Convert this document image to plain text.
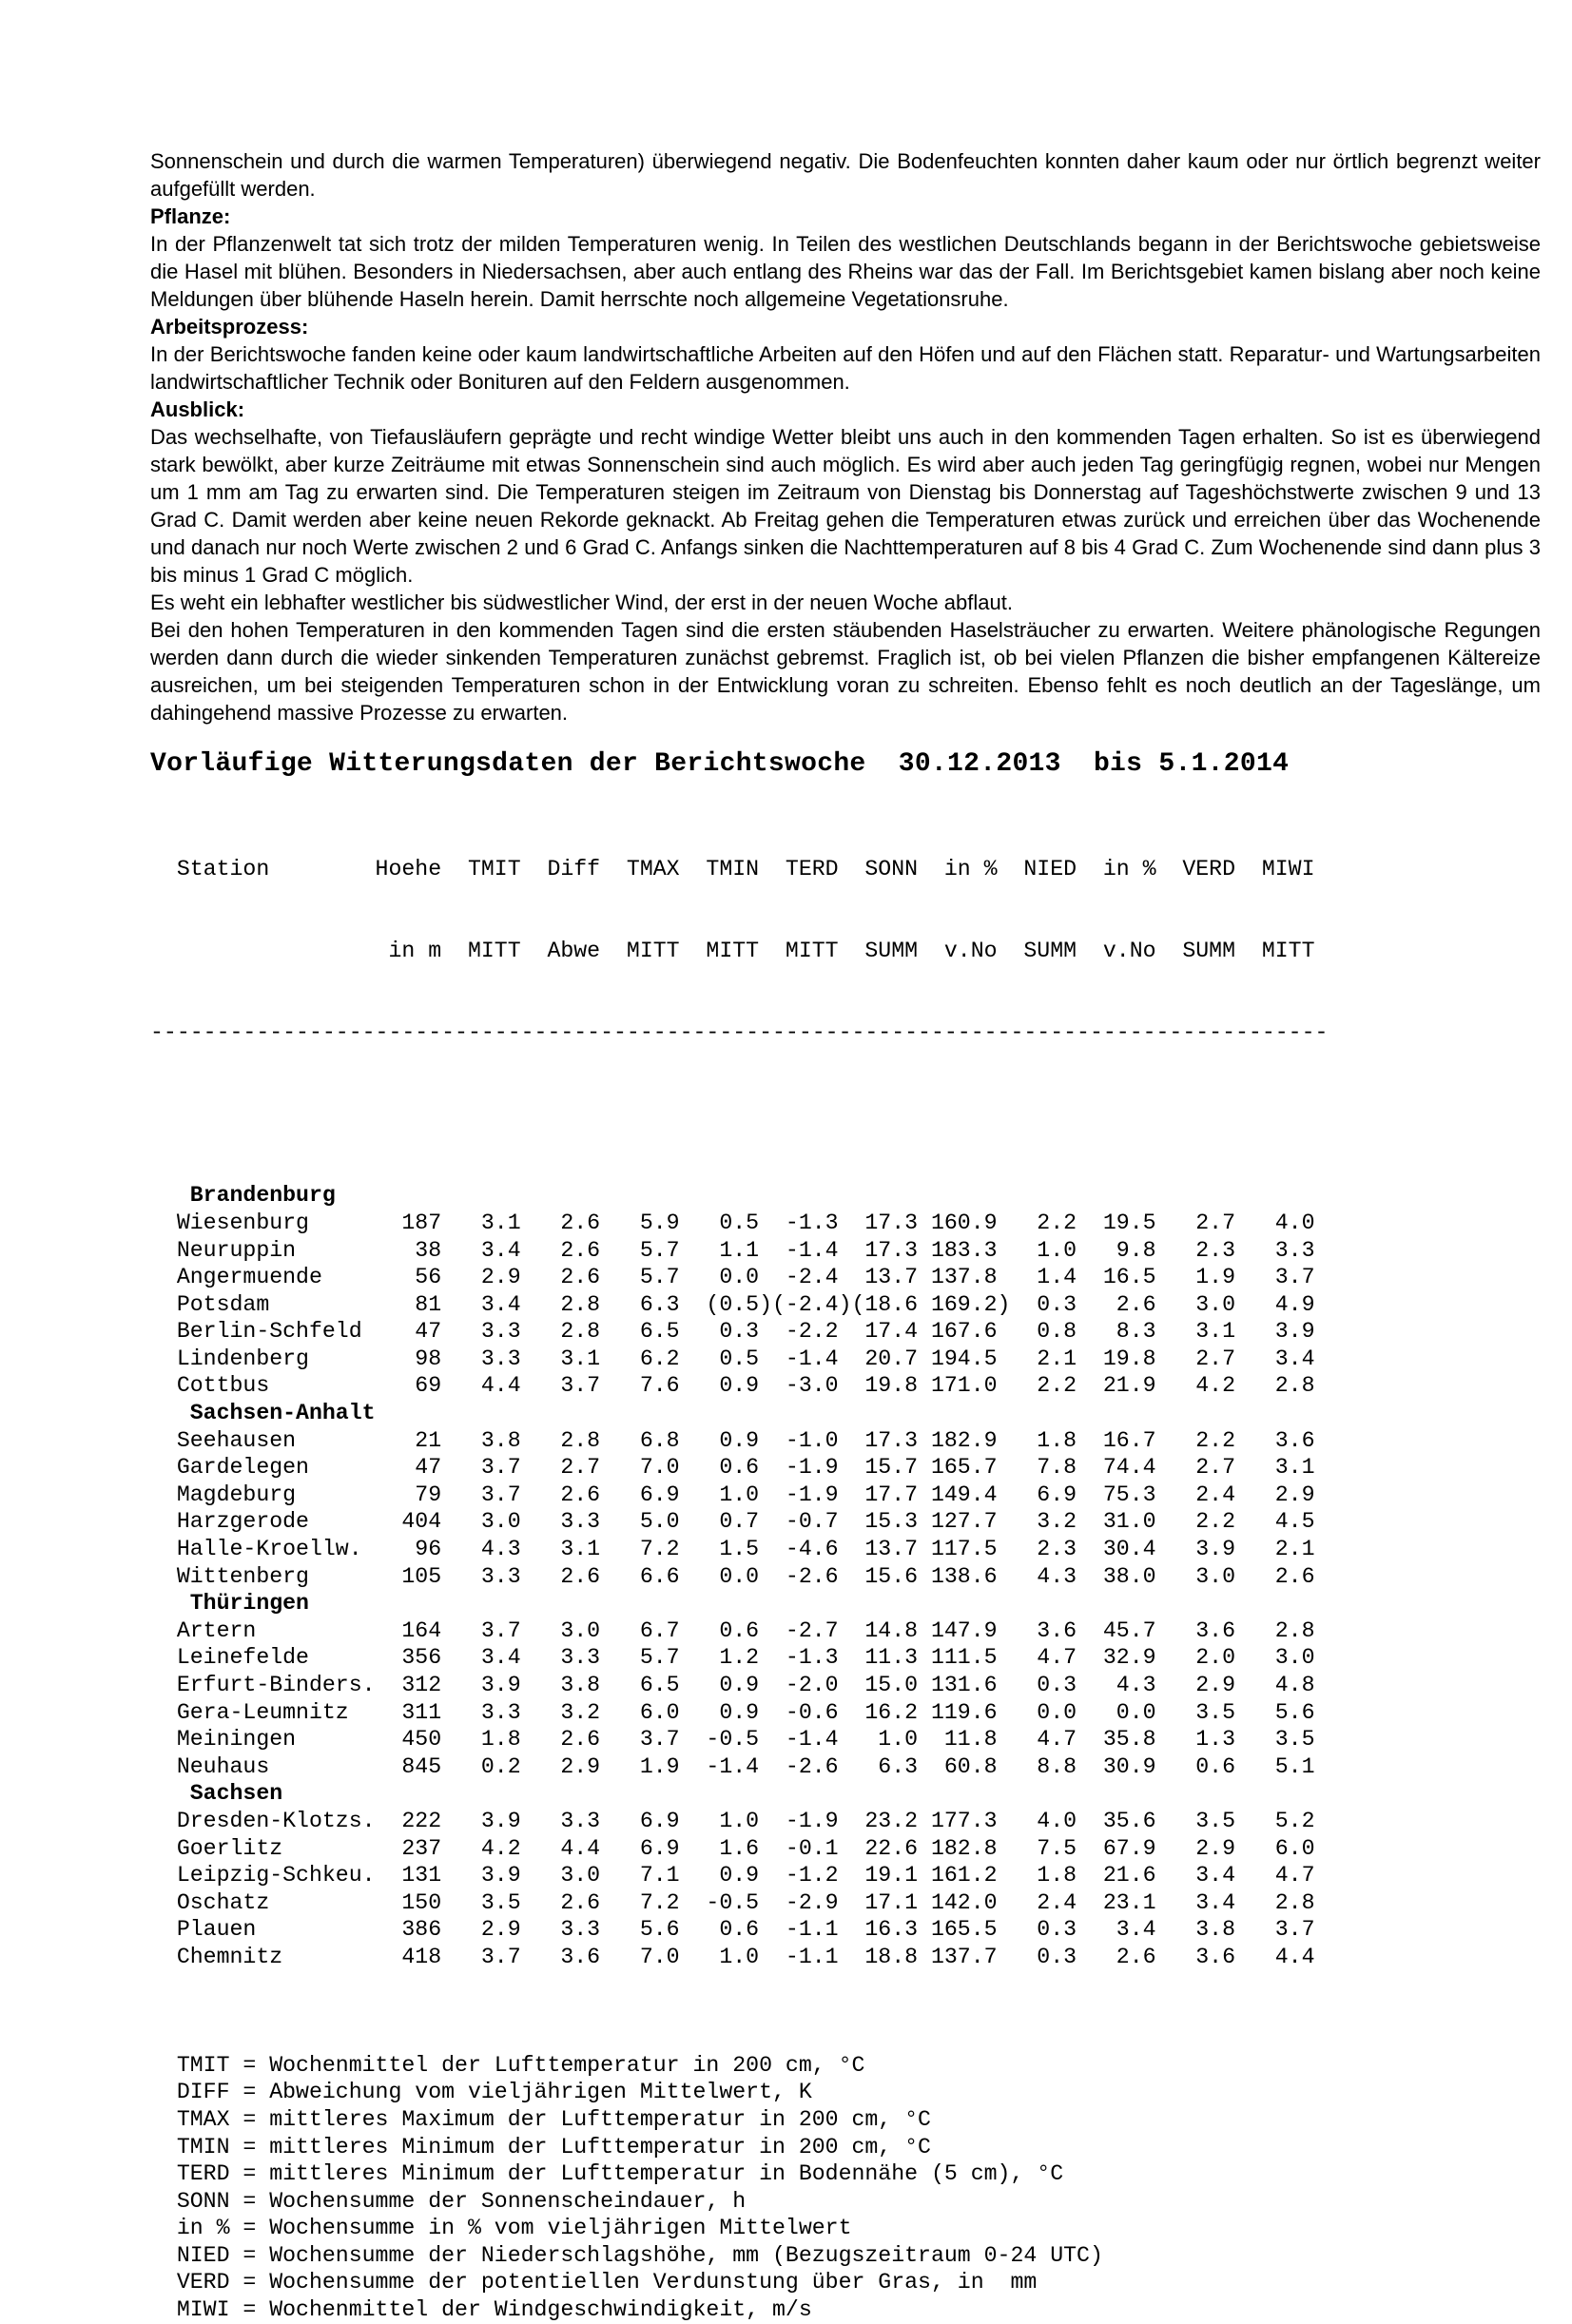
Sonnenschein und durch die warmen Temperaturen) überwiegend negativ. Die Bodenfeuchten konnten daher kaum oder nur örtlich begrenzt weiter aufgefüllt werden.

Pflanze:

In der Pflanzenwelt tat sich trotz der milden Temperaturen wenig. In Teilen des westlichen Deutschlands begann in der Berichtswoche gebietsweise die Hasel mit blühen. Besonders in Niedersachsen, aber auch entlang des Rheins war das der Fall. Im Berichtsgebiet kamen bislang aber noch keine Meldungen über blühende Haseln herein. Damit herrschte noch allgemeine Vegetationsruhe.

Arbeitsprozess:

In der Berichtswoche fanden keine oder kaum landwirtschaftliche Arbeiten auf den Höfen und auf den Flächen statt. Reparatur- und Wartungsarbeiten landwirtschaftlicher Technik oder Bonituren auf den Feldern ausgenommen.

Ausblick:

Das wechselhafte, von Tiefausläufern geprägte und recht windige Wetter bleibt uns auch in den kommenden Tagen erhalten. So ist es überwiegend stark bewölkt, aber kurze Zeiträume mit etwas Sonnenschein sind auch möglich. Es wird aber auch jeden Tag geringfügig regnen, wobei nur Mengen um 1 mm am Tag zu erwarten sind. Die Temperaturen steigen im Zeitraum von Dienstag bis Donnerstag auf Tageshöchstwerte zwischen 9 und 13 Grad C. Damit werden aber keine neuen Rekorde geknackt. Ab Freitag gehen die Temperaturen etwas zurück und erreichen über das Wochenende und danach nur noch Werte zwischen 2 und 6 Grad C. Anfangs sinken die Nachttemperaturen auf 8 bis 4 Grad C. Zum Wochenende sind dann plus 3 bis minus 1 Grad C möglich.

Es weht ein lebhafter westlicher bis südwestlicher Wind, der erst in der neuen Woche abflaut.

Bei den hohen Temperaturen in den kommenden Tagen sind die ersten stäubenden Haselsträucher zu erwarten. Weitere phänologische Regungen werden dann durch die wieder sinkenden Temperaturen zunächst gebremst. Fraglich ist, ob bei vielen Pflanzen die bisher empfangenen Kältereize ausreichen, um bei steigenden Temperaturen schon in der Entwicklung voran zu schreiten. Ebenso fehlt es noch deutlich an der Tageslänge, um dahingehend massive Prozesse zu erwarten.

Vorläufige Witterungsdaten der Berichtswoche  30.12.2013  bis 5.1.2014

Station        Hoehe  TMIT  Diff  TMAX  TMIN  TERD  SONN  in %  NIED  in %  VERD  MIWI

in m  MITT  Abwe  MITT  MITT  MITT  SUMM  v.No  SUMM  v.No  SUMM  MITT

-----------------------------------------------------------------------------------------

Brandenburg
Wiesenburg       187   3.1   2.6   5.9   0.5  -1.3  17.3 160.9   2.2  19.5   2.7   4.0
Neuruppin         38   3.4   2.6   5.7   1.1  -1.4  17.3 183.3   1.0   9.8   2.3   3.3
Angermuende       56   2.9   2.6   5.7   0.0  -2.4  13.7 137.8   1.4  16.5   1.9   3.7
Potsdam           81   3.4   2.8   6.3  (0.5)(-2.4)(18.6 169.2)  0.3   2.6   3.0   4.9
Berlin-Schfeld    47   3.3   2.8   6.5   0.3  -2.2  17.4 167.6   0.8   8.3   3.1   3.9
Lindenberg        98   3.3   3.1   6.2   0.5  -1.4  20.7 194.5   2.1  19.8   2.7   3.4
Cottbus           69   4.4   3.7   7.6   0.9  -3.0  19.8 171.0   2.2  21.9   4.2   2.8
Sachsen-Anhalt
Seehausen         21   3.8   2.8   6.8   0.9  -1.0  17.3 182.9   1.8  16.7   2.2   3.6
Gardelegen        47   3.7   2.7   7.0   0.6  -1.9  15.7 165.7   7.8  74.4   2.7   3.1
Magdeburg         79   3.7   2.6   6.9   1.0  -1.9  17.7 149.4   6.9  75.3   2.4   2.9
Harzgerode       404   3.0   3.3   5.0   0.7  -0.7  15.3 127.7   3.2  31.0   2.2   4.5
Halle-Kroellw.    96   4.3   3.1   7.2   1.5  -4.6  13.7 117.5   2.3  30.4   3.9   2.1
Wittenberg       105   3.3   2.6   6.6   0.0  -2.6  15.6 138.6   4.3  38.0   3.0   2.6
Thüringen
Artern           164   3.7   3.0   6.7   0.6  -2.7  14.8 147.9   3.6  45.7   3.6   2.8
Leinefelde       356   3.4   3.3   5.7   1.2  -1.3  11.3 111.5   4.7  32.9   2.0   3.0
Erfurt-Binders.  312   3.9   3.8   6.5   0.9  -2.0  15.0 131.6   0.3   4.3   2.9   4.8
Gera-Leumnitz    311   3.3   3.2   6.0   0.9  -0.6  16.2 119.6   0.0   0.0   3.5   5.6
Meiningen        450   1.8   2.6   3.7  -0.5  -1.4   1.0  11.8   4.7  35.8   1.3   3.5
Neuhaus          845   0.2   2.9   1.9  -1.4  -2.6   6.3  60.8   8.8  30.9   0.6   5.1
Sachsen
Dresden-Klotzs.  222   3.9   3.3   6.9   1.0  -1.9  23.2 177.3   4.0  35.6   3.5   5.2
Goerlitz         237   4.2   4.4   6.9   1.6  -0.1  22.6 182.8   7.5  67.9   2.9   6.0
Leipzig-Schkeu.  131   3.9   3.0   7.1   0.9  -1.2  19.1 161.2   1.8  21.6   3.4   4.7
Oschatz          150   3.5   2.6   7.2  -0.5  -2.9  17.1 142.0   2.4  23.1   3.4   2.8
Plauen           386   2.9   3.3   5.6   0.6  -1.1  16.3 165.5   0.3   3.4   3.8   3.7
Chemnitz         418   3.7   3.6   7.0   1.0  -1.1  18.8 137.7   0.3   2.6   3.6   4.4

TMIT = Wochenmittel der Lufttemperatur in 200 cm, °C
DIFF = Abweichung vom vieljährigen Mittelwert, K
TMAX = mittleres Maximum der Lufttemperatur in 200 cm, °C
TMIN = mittleres Minimum der Lufttemperatur in 200 cm, °C
TERD = mittleres Minimum der Lufttemperatur in Bodennähe (5 cm), °C
SONN = Wochensumme der Sonnenscheindauer, h
in % = Wochensumme in % vom vieljährigen Mittelwert
NIED = Wochensumme der Niederschlagshöhe, mm (Bezugszeitraum 0-24 UTC)
VERD = Wochensumme der potentiellen Verdunstung über Gras, in  mm
MIWI = Wochenmittel der Windgeschwindigkeit, m/s
